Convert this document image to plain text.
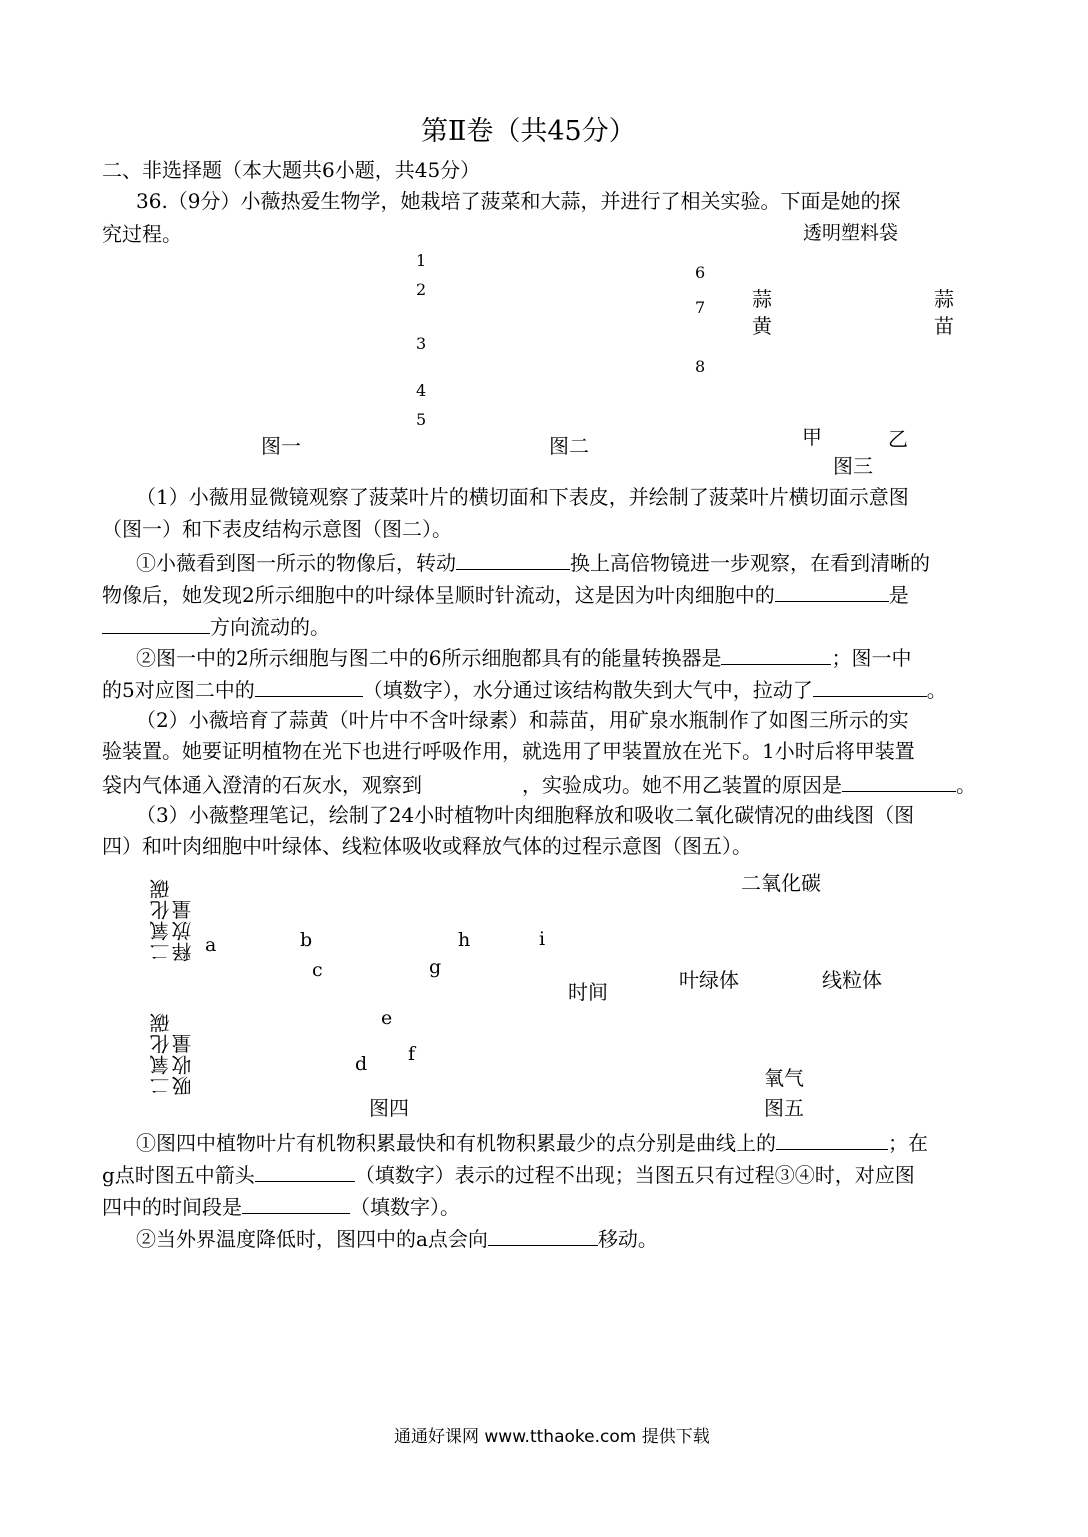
第Ⅱ卷（共45分）
二、非选择题（本大题共6小题，共45分）
36.（9分）小薇热爱生物学，她栽培了菠菜和大蒜，并进行了相关实验。下面是她的探
究过程。	透明塑料袋
1
2
3
4
5
6
7
8
蒜
黄
蒜
苗
图一	图二	甲	乙
图三
（1）小薇用显微镜观察了菠菜叶片的横切面和下表皮，并绘制了菠菜叶片横切面示意图
（图一）和下表皮结构示意图（图二）。
①小薇看到图一所示的物像后，转动	换上高倍物镜进一步观察，在看到清晰的
物像后，她发现2所示细胞中的叶绿体呈顺时针流动，这是因为叶肉细胞中的	是
方向流动的。
②图一中的2所示细胞与图二中的6所示细胞都具有的能量转换器是	；图一中
的5对应图二中的	（填数字），水分通过该结构散失到大气中，拉动了	。
（2）小薇培育了蒜黄（叶片中不含叶绿素）和蒜苗，用矿泉水瓶制作了如图三所示的实
验装置。她要证明植物在光下也进行呼吸作用，就选用了甲装置放在光下。1小时后将甲装置
袋内气体通入澄清的石灰水，观察到	，实验成功。她不用乙装置的原因是	。
（3）小薇整理笔记，绘制了24小时植物叶肉细胞释放和吸收二氧化碳情况的曲线图（图
四）和叶肉细胞中叶绿体、线粒体吸收或释放气体的过程示意图（图五）。
二氧化碳
释放量
二氧化碳
吸收量
a	b
c	g
h	i
时间
e
f
d
图四
二氧化碳
叶绿体	线粒体
氧气
图五
①图四中植物叶片有机物积累最快和有机物积累最少的点分别是曲线上的	；在
g点时图五中箭头	（填数字）表示的过程不出现；当图五只有过程③④时，对应图
四中的时间段是	（填数字）。
②当外界温度降低时，图四中的a点会向	移动。
通通好课网 www.tthaoke.com 提供下载
